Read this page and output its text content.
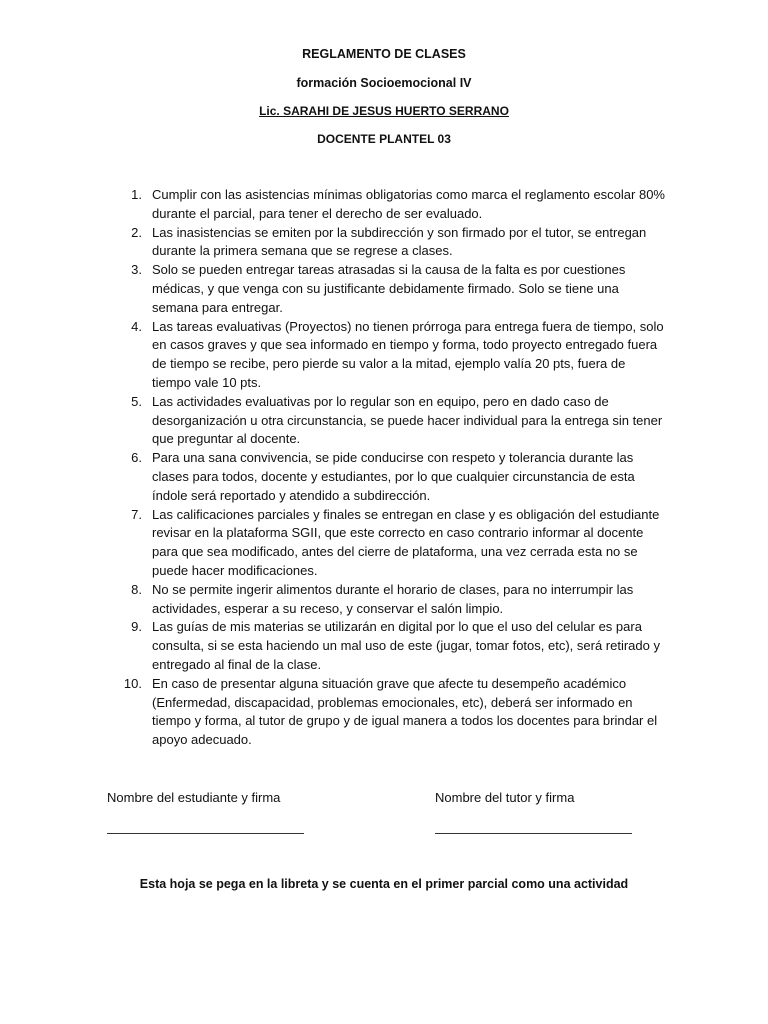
REGLAMENTO DE CLASES
formación Socioemocional IV
Lic. SARAHI DE JESUS HUERTO SERRANO
DOCENTE PLANTEL 03
1. Cumplir con las asistencias mínimas obligatorias como marca el reglamento escolar 80% durante el parcial, para tener el derecho de ser evaluado.
2. Las inasistencias se emiten por la subdirección y son firmado por el tutor, se entregan durante la primera semana que se regrese a clases.
3. Solo se pueden entregar tareas atrasadas si la causa de la falta es por cuestiones médicas, y que venga con su justificante debidamente firmado. Solo se tiene una semana para entregar.
4. Las tareas evaluativas (Proyectos) no tienen prórroga para entrega fuera de tiempo, solo en casos graves y que sea informado en tiempo y forma, todo proyecto entregado fuera de tiempo se recibe, pero pierde su valor a la mitad, ejemplo valía 20 pts, fuera de tiempo vale 10 pts.
5. Las actividades evaluativas por lo regular son en equipo, pero en dado caso de desorganización u otra circunstancia, se puede hacer individual para la entrega sin tener que preguntar al docente.
6. Para una sana convivencia, se pide conducirse con respeto y tolerancia durante las clases para todos, docente y estudiantes, por lo que cualquier circunstancia de esta índole será reportado y atendido a subdirección.
7. Las calificaciones parciales y finales se entregan en clase y es obligación del estudiante revisar en la plataforma SGII, que este correcto en caso contrario informar al docente para que sea modificado, antes del cierre de plataforma, una vez cerrada esta no se puede hacer modificaciones.
8. No se permite ingerir alimentos durante el horario de clases, para no interrumpir las actividades, esperar a su receso, y conservar el salón limpio.
9. Las guías de mis materias se utilizarán en digital por lo que el uso del celular es para consulta, si se esta haciendo un mal uso de este (jugar, tomar fotos, etc), será retirado y entregado al final de la clase.
10. En caso de presentar alguna situación grave que afecte tu desempeño académico (Enfermedad, discapacidad, problemas emocionales, etc), deberá ser informado en tiempo y forma, al tutor de grupo y de igual manera a todos los docentes para brindar el apoyo adecuado.
Nombre del estudiante y firma	Nombre del tutor y firma
Esta hoja se pega en la libreta y se cuenta en el primer parcial como una actividad
